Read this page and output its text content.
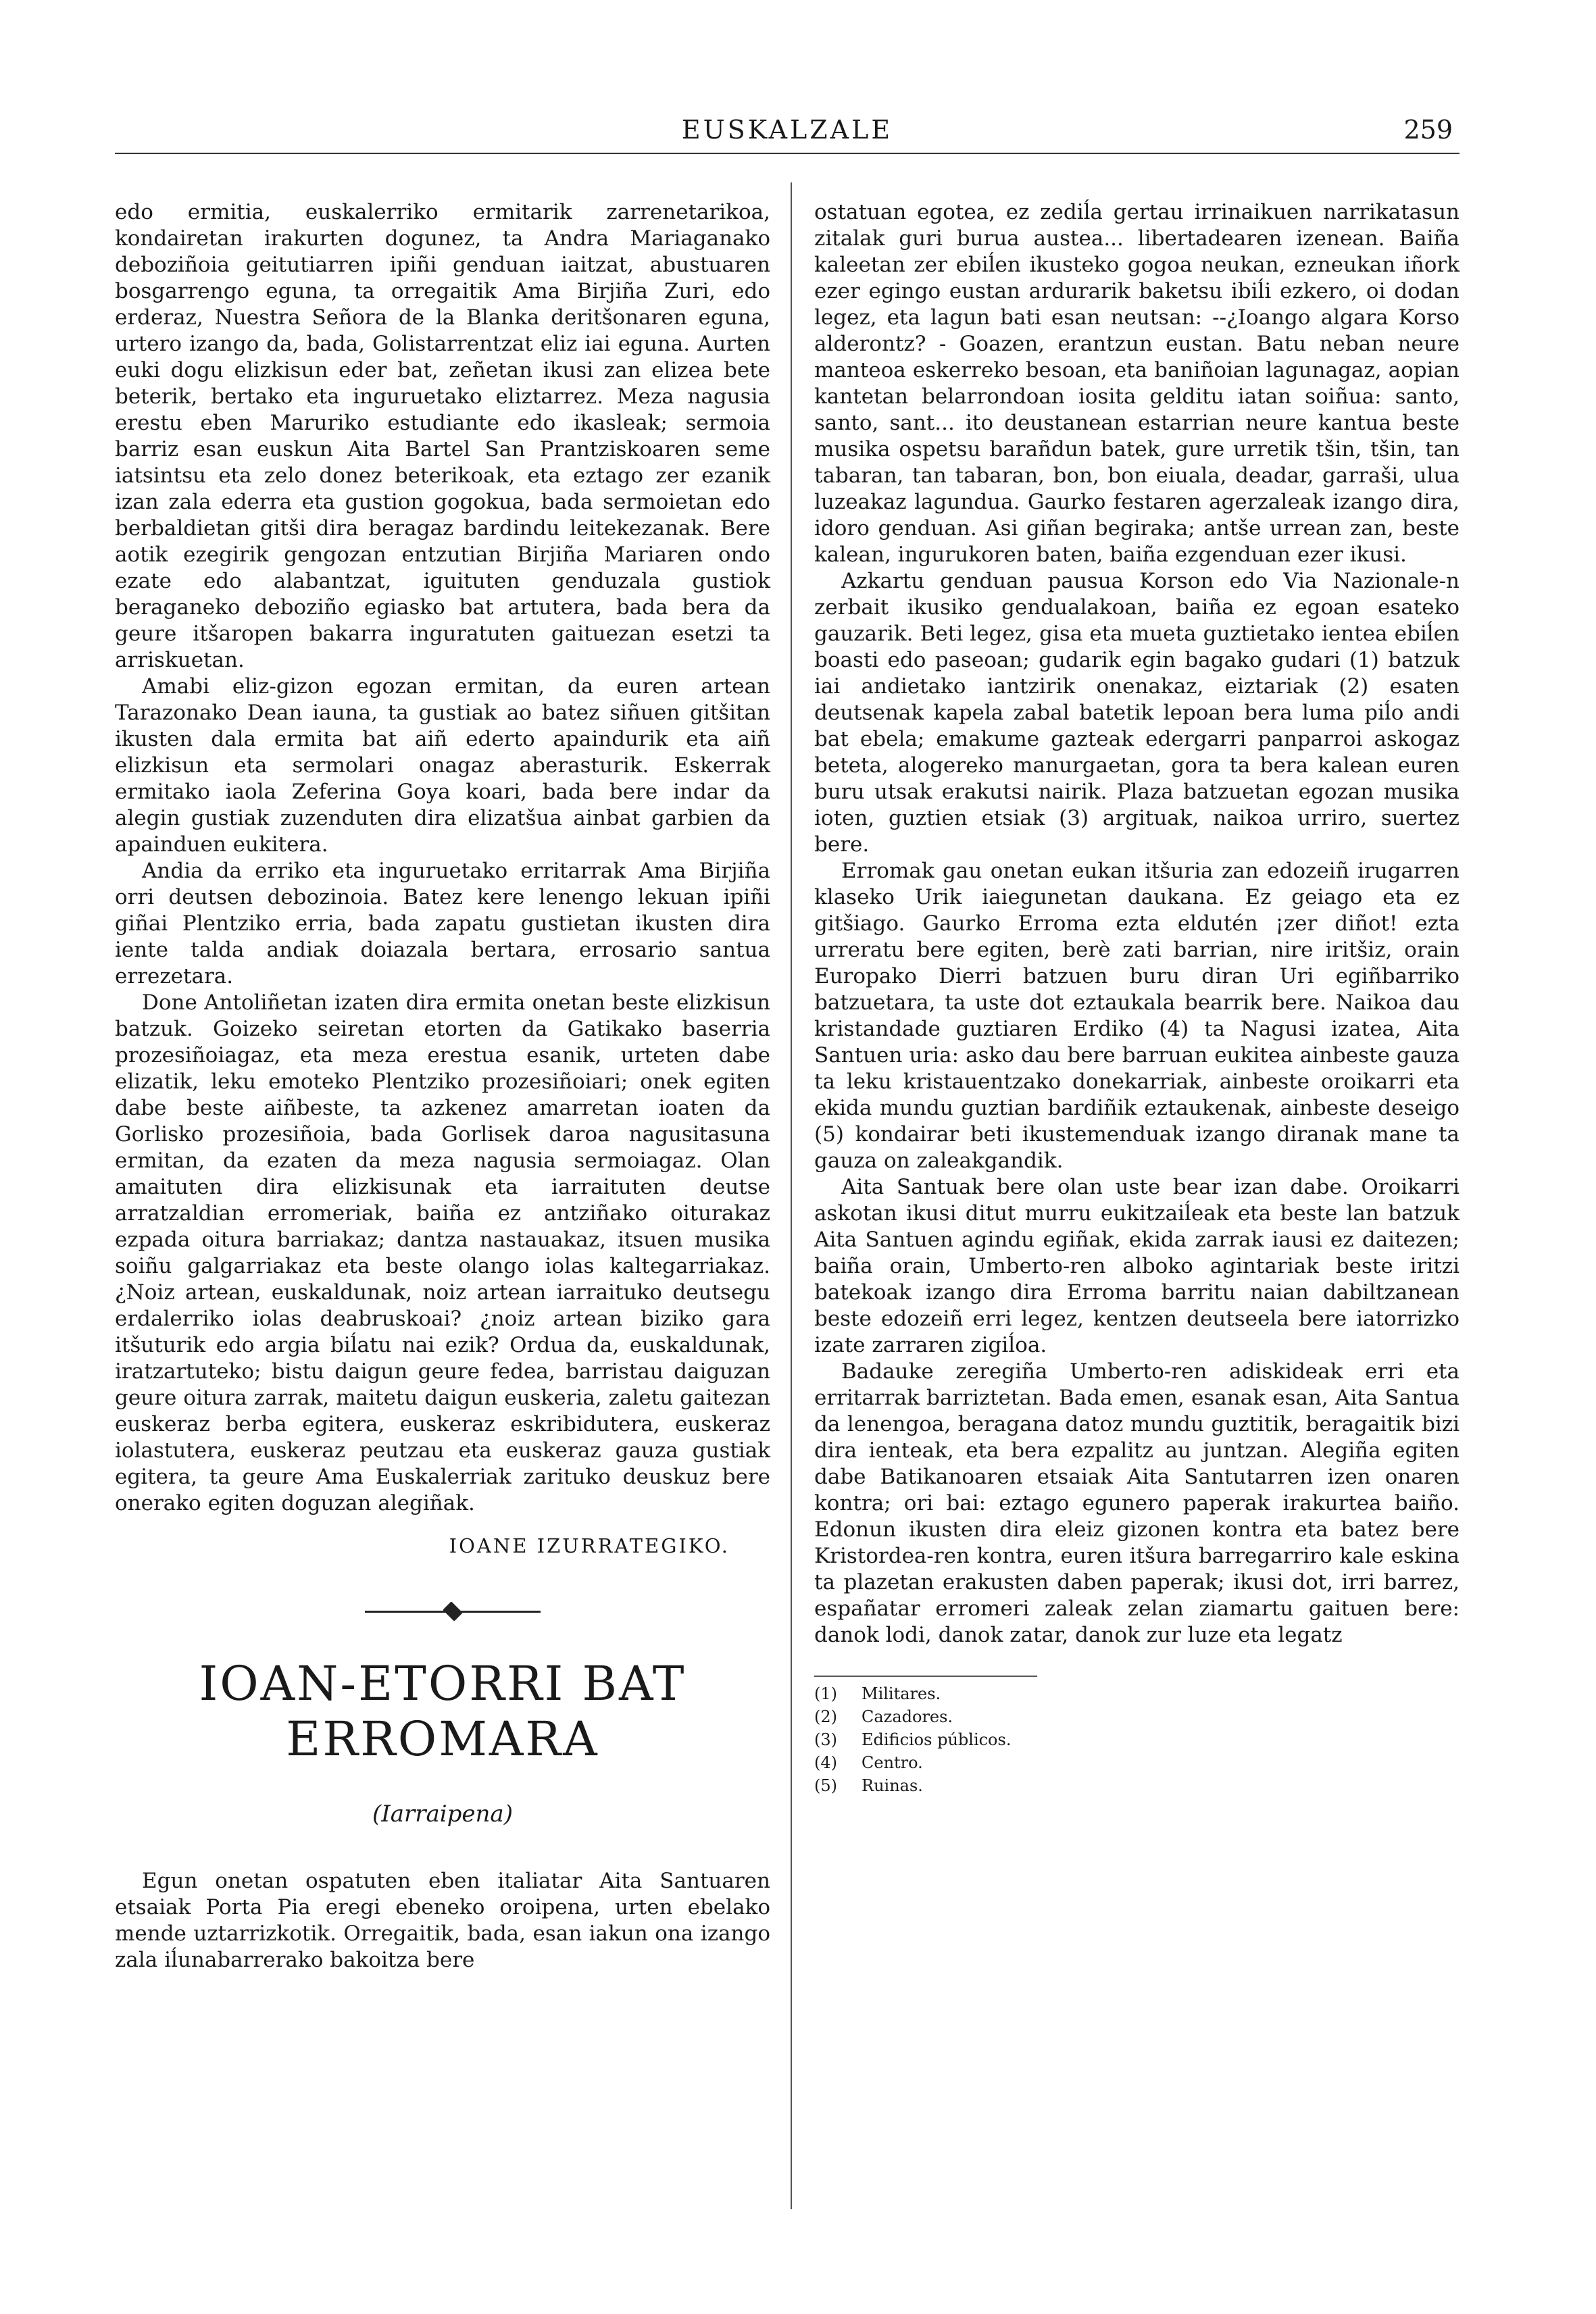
EUSKALZALE	259

edo ermitia, euskalerriko ermitarik zarrenetarikoa, kondairetan irakurten dogunez, ta Andra Mariaganako deboziñoia geitutiarren ipiñi genduan iaitzat, abustuaren bosgarrengo eguna, ta orregaitik Ama Birjiña Zuri, edo erderaz, Nuestra Señora de la Blanka deritšonaren eguna, urtero izango da, bada, Golistarrentzat eliz iai eguna. Aurten euki dogu elizkisun eder bat, zeñetan ikusi zan elizea bete beterik, bertako eta inguruetako eliztarrez. Meza nagusia erestu eben Maruriko estudiante edo ikasleak; sermoia barriz esan euskun Aita Bartel San Prantziskoaren seme iatsintsu eta zelo donez beterikoak, eta eztago zer ezanik izan zala ederra eta gustion gogokua, bada sermoietan edo berbaldietan gitši dira beragaz bardindu leitekezanak. Bere aotik ezegirik gengozan entzutian Birjiña Mariaren ondo ezate edo alabantzat, iguituten genduzala gustiok beraganeko deboziño egiasko bat artutera, bada bera da geure itšaropen bakarra inguratuten gaituezan esetzi ta arriskuetan.

Amabi eliz-gizon egozan ermitan, da euren artean Tarazonako Dean iauna, ta gustiak ao batez siñuen gitšitan ikusten dala ermita bat aiñ ederto apaindurik eta aiñ elizkisun eta sermolari onagaz aberasturik. Eskerrak ermitako iaola Zeferina Goya koari, bada bere indar da alegin gustiak zuzenduten dira elizatšua ainbat garbien da apainduen eukitera.

Andia da erriko eta inguruetako erritarrak Ama Birjiña orri deutsen debozinoia. Batez kere lenengo lekuan ipiñi giñai Plentziko erria, bada zapatu gustietan ikusten dira iente talda andiak doiazala bertara, errosario santua errezetara.

Done Antoliñetan izaten dira ermita onetan beste elizkisun batzuk. Goizeko seiretan etorten da Gatikako baserria prozesiñoiagaz, eta meza erestua esanik, urteten dabe elizatik, leku emoteko Plentziko prozesiñoiari; onek egiten dabe beste aiñbeste, ta azkenez amarretan ioaten da Gorlisko prozesiñoia, bada Gorlisek daroa nagusitasuna ermitan, da ezaten da meza nagusia sermoiagaz. Olan amaituten dira elizkisunak eta iarraituten deutse arratzaldian erromeriak, baiña ez antziñako oiturakaz ezpada oitura barriakaz; dantza nastauakaz, itsuen musika soiñu galgarriakaz eta beste olango iolas kaltegarriakaz. ¿Noiz artean, euskaldunak, noiz artean iarraituko deutsegu erdalerriko iolas deabruskoai? ¿noiz artean biziko gara itšuturik edo argia biĺatu nai ezik? Ordua da, euskaldunak, iratzartuteko; bistu daigun geure fedea, barristau daiguzan geure oitura zarrak, maitetu daigun euskeria, zaletu gaitezan euskeraz berba egitera, euskeraz eskribidutera, euskeraz iolastutera, euskeraz peutzau eta euskeraz gauza gustiak egitera, ta geure Ama Euskalerriak zarituko deuskuz bere onerako egiten doguzan alegiñak.

IOANE IZURRATEGIKO.
IOAN-ETORRI BAT ERROMARA
(Iarraipena)

Egun onetan ospatuten eben italiatar Aita Santuaren etsaiak Porta Pia eregi ebeneko oroipena, urten ebelako mende uztarrizkotik. Orregaitik, bada, esan iakun ona izango zala iĺunabarrerako bakoitza bere

ostatuan egotea, ez zediĺa gertau irrinaikuen narrikatasun zitalak guri burua austea... libertadearen izenean. Baiña kaleetan zer ebiĺen ikusteko gogoa neukan, ezneukan iñork ezer egingo eustan ardurarik baketsu ibiĺi ezkero, oi dodan legez, eta lagun bati esan neutsan: --¿Ioango algara Korso alderontz? - Goazen, erantzun eustan. Batu neban neure manteoa eskerreko besoan, eta baniñoian lagunagaz, aopian kantetan belarrondoan iosita gelditu iatan soiñua: santo, santo, sant... ito deustanean estarrian neure kantua beste musika ospetsu barañdun batek, gure urretik tšin, tšin, tan tabaran, tan tabaran, bon, bon eiuala, deadar, garraši, ulua luzeakaz lagundua. Gaurko festaren agerzaleak izango dira, idoro genduan. Asi giñan begiraka; antše urrean zan, beste kalean, ingurukoren baten, baiña ezgenduan ezer ikusi.

Azkartu genduan pausua Korson edo Via Nazionale-n zerbait ikusiko gendualakoan, baiña ez egoan esateko gauzarik. Beti legez, gisa eta mueta guztietako ientea ebiĺen boasti edo paseoan; gudarik egin bagako gudari (1) batzuk iai andietako iantzirik onenakaz, eiztariak (2) esaten deutsenak kapela zabal batetik lepoan bera luma piĺo andi bat ebela; emakume gazteak edergarri panparroi askogaz beteta, alogereko manurgaetan, gora ta bera kalean euren buru utsak erakutsi nairik. Plaza batzuetan egozan musika ioten, guztien etsiak (3) argituak, naikoa urriro, suertez bere.

Erromak gau onetan eukan itšuria zan edozeiñ irugarren klaseko Urik iaiegunetan daukana. Ez geiago eta ez gitšiago. Gaurko Erroma ezta eldutén ¡zer diñot! ezta urreratu bere egiten, berè zati barrian, nire iritšiz, orain Europako Dierri batzuen buru diran Uri egiñbarriko batzuetara, ta uste dot eztaukala bearrik bere. Naikoa dau kristandade guztiaren Erdiko (4) ta Nagusi izatea, Aita Santuen uria: asko dau bere barruan eukitea ainbeste gauza ta leku kristauentzako donekarriak, ainbeste oroikarri eta ekida mundu guztian bardiñik eztaukenak, ainbeste deseigo (5) kondairar beti ikustemenduak izango diranak mane ta gauza on zaleakgandik.

Aita Santuak bere olan uste bear izan dabe. Oroikarri askotan ikusi ditut murru eukitzaiĺeak eta beste lan batzuk Aita Santuen agindu egiñak, ekida zarrak iausi ez daitezen; baiña orain, Umberto-ren alboko agintariak beste iritzi batekoak izango dira Erroma barritu naian dabiltzanean beste edozeiñ erri legez, kentzen deutseela bere iatorrizko izate zarraren zigiĺoa.

Badauke zeregiña Umberto-ren adiskideak erri eta erritarrak barriztetan. Bada emen, esanak esan, Aita Santua da lenengoa, beragana datoz mundu guztitik, beragaitik bizi dira ienteak, eta bera ezpalitz au juntzan. Alegiña egiten dabe Batikanoaren etsaiak Aita Santutarren izen onaren kontra; ori bai: eztago egunero paperak irakurtea baiño. Edonun ikusten dira eleiz gizonen kontra eta batez bere Kristordea-ren kontra, euren itšura barregarriro kale eskina ta plazetan erakusten daben paperak; ikusi dot, irri barrez, españatar erromeri zaleak zelan ziamartu gaituen bere: danok lodi, danok zatar, danok zur luze eta legatz

(1)	Militares.
(2)	Cazadores.
(3)	Edificios públicos.
(4)	Centro.
(5)	Ruinas.
